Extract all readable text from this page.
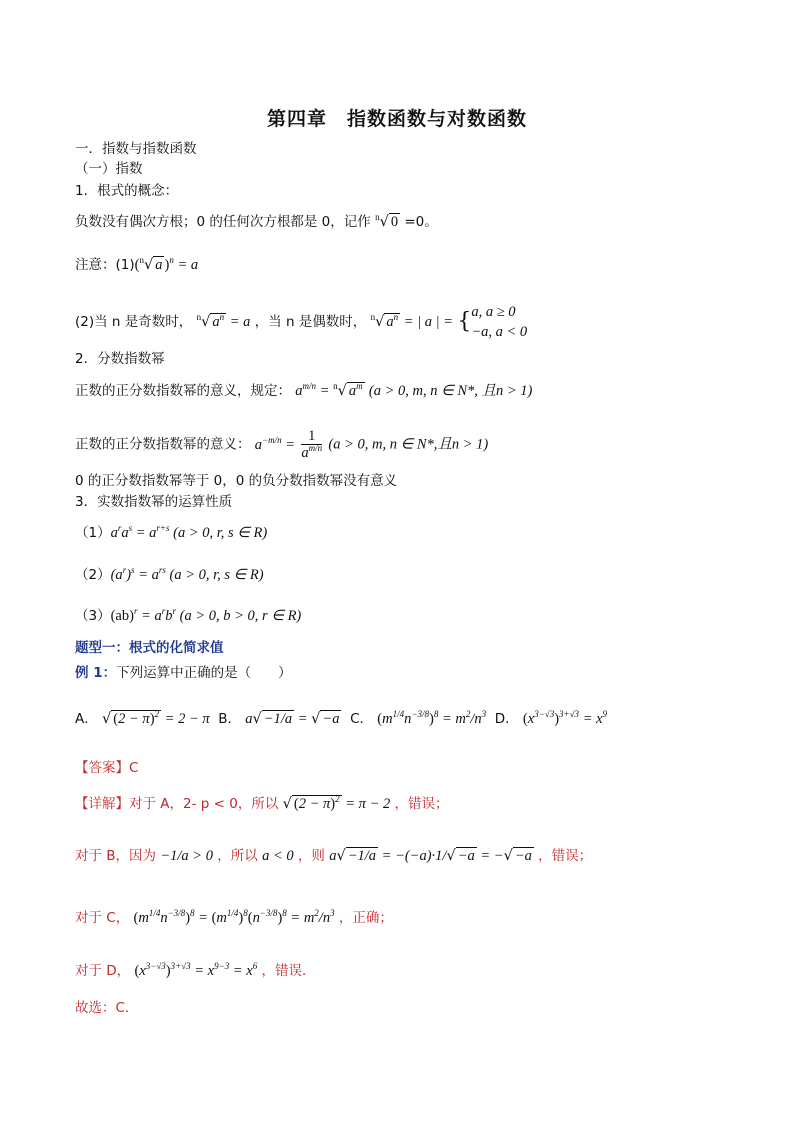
第四章　指数函数与对数函数
一．指数与指数函数
（一）指数
1．根式的概念：
负数没有偶次方根；0 的任何次方根都是 0，记作 $^n$√ 0 =0。
注意：(1)($^n$√ a )$^n$ = a
(2)当 n 是奇数时， $^n$√ $a^n = a$ ，当 n 是偶数时， $^n$√ $a^n$ = | a | = { a, a ≥ 0
−a, a < 0
2．分数指数幂
正数的正分数指数幂的意义，规定： $a^{m/n} = ^n√$ $a^m$ (a > 0, m, n ∈ N*, 且n > 1)
正数的正分数指数幂的意义： $a^{-m/n} = \frac{1}{a^{m/n}} (a > 0$, m, n ∈ N*,且n > 1)
0 的正分数指数幂等于 0，0 的负分数指数幂没有意义
3．实数指数幂的运算性质
$(1)a^ra^s = a^{r+s}$ (a > 0, r, s ∈ R)
$(2)(a^r)^s = a^{rs}$ (a > 0, r, s ∈ R)
$(3)(ab)^r = a^rb^r$ (a > 0, b > 0, r ∈ R)
题型一：根式的化简求值
例 1：下列运算中正确的是（　　）
A． √ $(2 - \pi)^2 = 2 - \pi$ B． a√ −1/a = √ −a C． $(m^{1/4}n^{-3/8})^8 = m^2/n^3$ D． $(x^{3-√3})^{3+√3} = x^9$
【答案】C
【详解】对于 A，2- p < 0，所以 √ $(2 - \pi)^2 = \pi - 2$ ，错误；
对于 B，因为 −1/a > 0 ，所以 a < 0 ，则 a√ −1/a = −(−a)·1/√ −a = −√ −a ，错误；
对于 C， $(m^{1/4}n^{-3/8})^8 = (m^{1/4})^8(n^{-3/8})^8 = m^2/n^3$ ，正确；
对于 D， $(x^{3-√3})^{3+√3} = x^{9-3} = x^6$ ，错误．
故选：C．
